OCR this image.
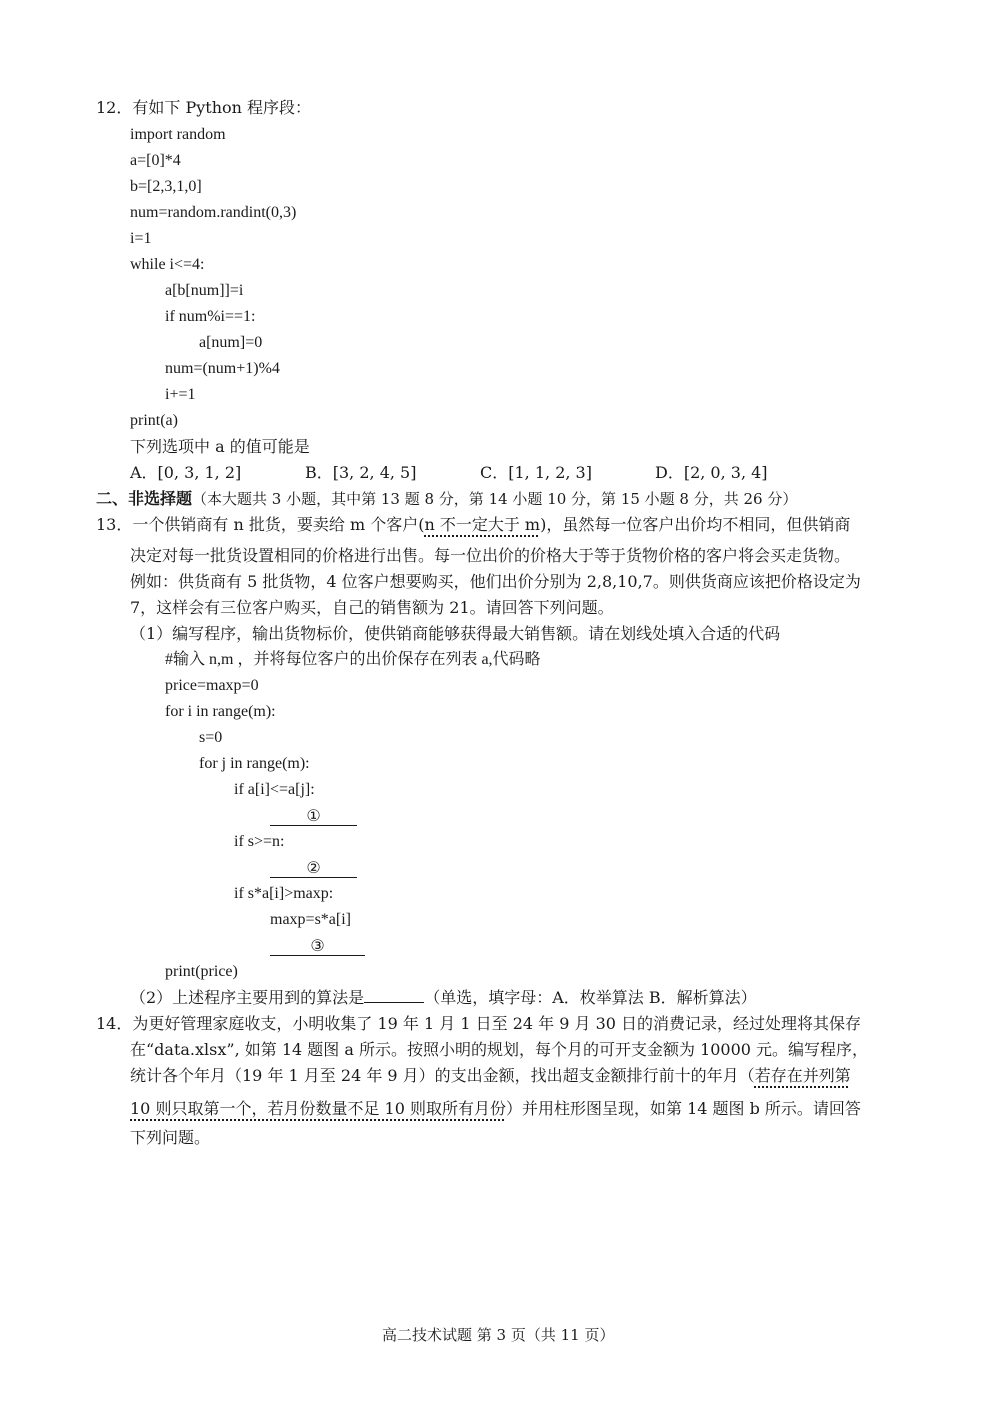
12．有如下 Python 程序段：
import random
a=[0]*4
b=[2,3,1,0]
num=random.randint(0,3)
i=1
while i<=4:
a[b[num]]=i
if num%i==1:
a[num]=0
num=(num+1)%4
i+=1
print(a)
下列选项中 a 的值可能是
A．[0, 3, 1, 2]	B．[3, 2, 4, 5]	C．[1, 1, 2, 3]	D．[2, 0, 3, 4]
二、非选择题（本大题共 3 小题，其中第 13 题 8 分，第 14 小题 10 分，第 15 小题 8 分，共 26 分）
13．一个供销商有 n 批货，要卖给 m 个客户(n 不一定大于 m)，虽然每一位客户出价均不相同，但供销商
决定对每一批货设置相同的价格进行出售。每一位出价的价格大于等于货物价格的客户将会买走货物。
例如：供货商有 5 批货物，4 位客户想要购买，他们出价分别为 2,8,10,7。则供货商应该把价格设定为
7，这样会有三位客户购买，自己的销售额为 21。请回答下列问题。
（1）编写程序，输出货物标价，使供销商能够获得最大销售额。请在划线处填入合适的代码
#输入 n,m ，并将每位客户的出价保存在列表 a,代码略
price=maxp=0
for i in range(m):
s=0
for j in range(m):
if a[i]<=a[j]:
①
if s>=n:
②
if s*a[i]>maxp:
maxp=s*a[i]
③
print(price)
（2）上述程序主要用到的算法是	（单选，填字母：A．枚举算法 B．解析算法）
14．为更好管理家庭收支，小明收集了 19 年 1 月 1 日至 24 年 9 月 30 日的消费记录，经过处理将其保存
在“data.xlsx”, 如第 14 题图 a 所示。按照小明的规划，每个月的可开支金额为 10000 元。编写程序，
统计各个年月（19 年 1 月至 24 年 9 月）的支出金额，找出超支金额排行前十的年月（若存在并列第
10 则只取第一个，若月份数量不足 10 则取所有月份）并用柱形图呈现，如第 14 题图 b 所示。请回答
下列问题。
高二技术试题 第 3 页（共 11 页）
